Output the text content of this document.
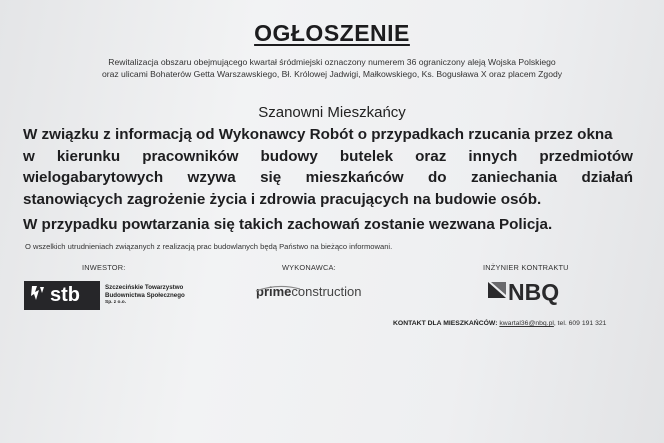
OGŁOSZENIE
Rewitalizacja obszaru obejmującego kwartał śródmiejski oznaczony numerem 36 ograniczony aleją Wojska Polskiego
oraz ulicami Bohaterów Getta Warszawskiego, Bł. Królowej Jadwigi, Małkowskiego, Ks. Bogusława X oraz placem Zgody
Szanowni Mieszkańcy
W związku z informacją od Wykonawcy Robót o przypadkach rzucania przez okna
w kierunku pracowników budowy butelek oraz innych przedmiotów
wielogabarytowych wzywa się mieszkańców do zaniechania działań
stanowiących zagrożenie życia i zdrowia pracujących na budowie osób.
W przypadku powtarzania się takich zachowań zostanie wezwana Policja.
O wszelkich utrudnieniach związanych z realizacją prac budowlanych będą Państwo na bieżąco informowani.
INWESTOR:	WYKONAWCA:	INŻYNIER KONTRAKTU
stb	Szczecińskie Towarzystwo
Budownictwa Społecznego
Sp. z o.o.
primeconstruction	NBQ
KONTAKT DLA MIESZKAŃCÓW: kwartal36@nbq.pl, tel. 609 191 321
